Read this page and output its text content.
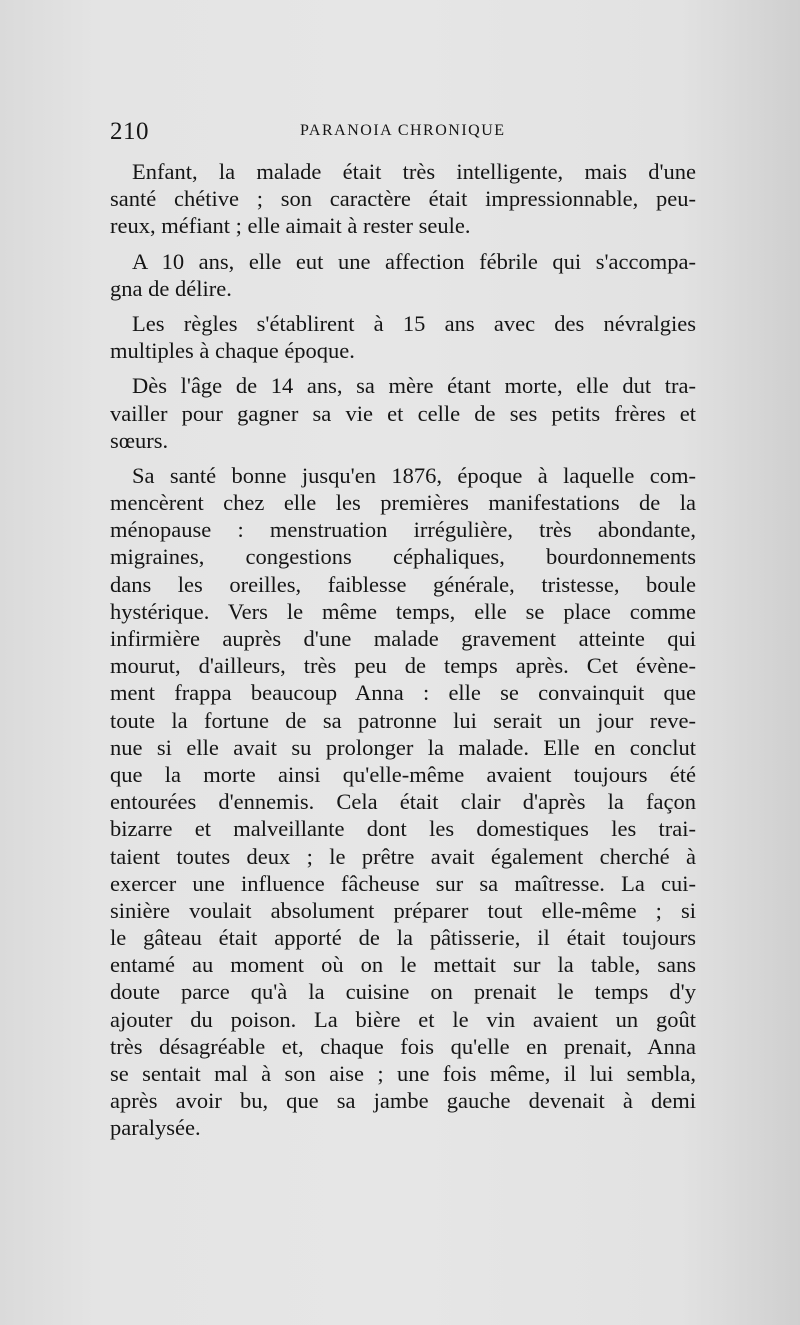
210	PARANOIA CHRONIQUE
Enfant, la malade était très intelligente, mais d'une
santé chétive ; son caractère était impressionnable, peu-
reux, méfiant ; elle aimait à rester seule.
A 10 ans, elle eut une affection fébrile qui s'accompa-
gna de délire.
Les règles s'établirent à 15 ans avec des névralgies
multiples à chaque époque.
Dès l'âge de 14 ans, sa mère étant morte, elle dut tra-
vailler pour gagner sa vie et celle de ses petits frères et
sœurs.
Sa santé bonne jusqu'en 1876, époque à laquelle com-
mencèrent chez elle les premières manifestations de la
ménopause : menstruation irrégulière, très abondante,
migraines, congestions céphaliques, bourdonnements
dans les oreilles, faiblesse générale, tristesse, boule
hystérique. Vers le même temps, elle se place comme
infirmière auprès d'une malade gravement atteinte qui
mourut, d'ailleurs, très peu de temps après. Cet évène-
ment frappa beaucoup Anna : elle se convainquit que
toute la fortune de sa patronne lui serait un jour reve-
nue si elle avait su prolonger la malade. Elle en conclut
que la morte ainsi qu'elle-même avaient toujours été
entourées d'ennemis. Cela était clair d'après la façon
bizarre et malveillante dont les domestiques les trai-
taient toutes deux ; le prêtre avait également cherché à
exercer une influence fâcheuse sur sa maîtresse. La cui-
sinière voulait absolument préparer tout elle-même ; si
le gâteau était apporté de la pâtisserie, il était toujours
entamé au moment où on le mettait sur la table, sans
doute parce qu'à la cuisine on prenait le temps d'y
ajouter du poison. La bière et le vin avaient un goût
très désagréable et, chaque fois qu'elle en prenait, Anna
se sentait mal à son aise ; une fois même, il lui sembla,
après avoir bu, que sa jambe gauche devenait à demi
paralysée.
